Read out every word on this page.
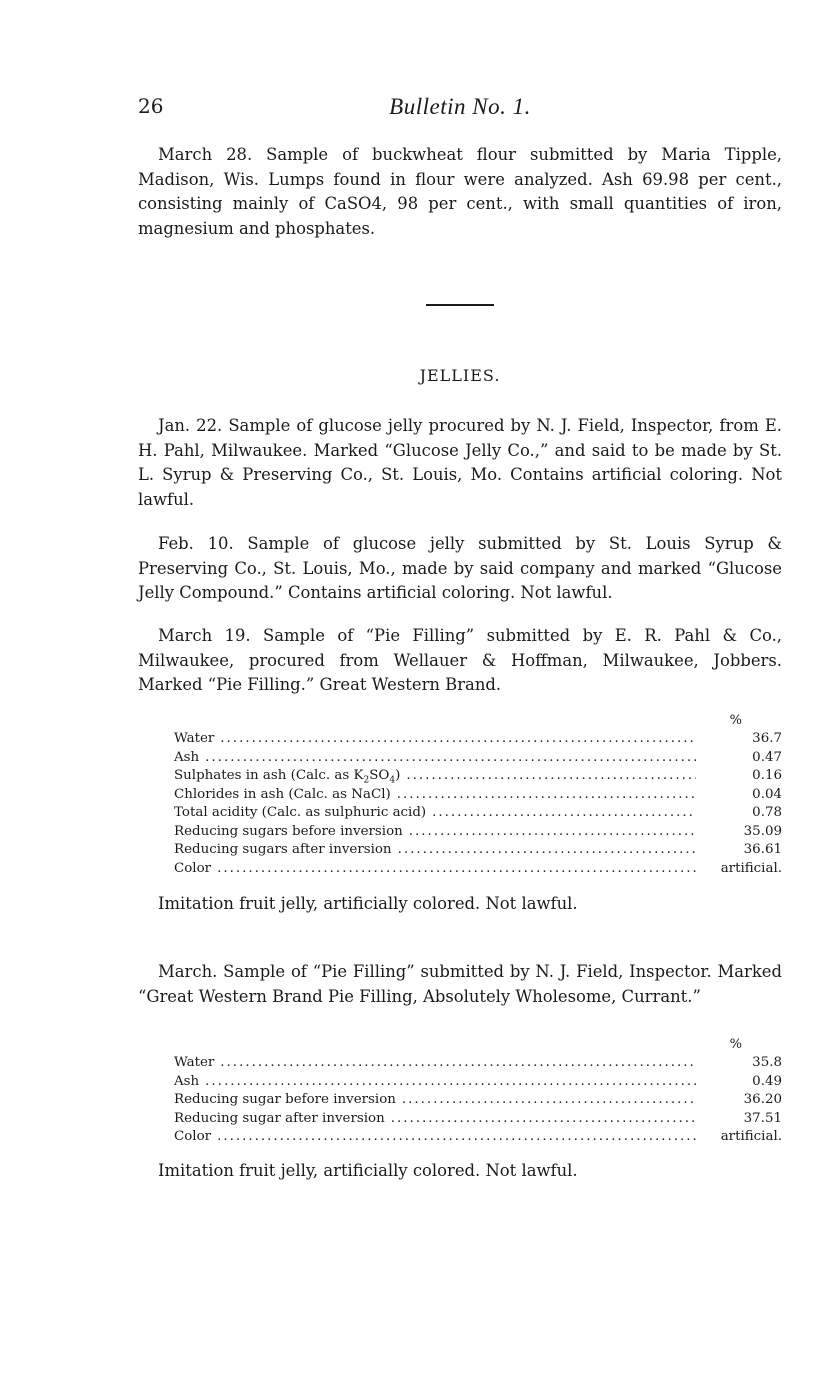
26	Bulletin No. 1.

March 28. Sample of buckwheat flour submitted by Maria Tipple, Madison, Wis. Lumps found in flour were analyzed. Ash 69.98 per cent., consisting mainly of CaSO4, 98 per cent., with small quantities of iron, magnesium and phosphates.

JELLIES.

Jan. 22. Sample of glucose jelly procured by N. J. Field, Inspector, from E. H. Pahl, Milwaukee. Marked “Glucose Jelly Co.,” and said to be made by St. L. Syrup & Preserving Co., St. Louis, Mo. Contains artificial coloring. Not lawful.

Feb. 10. Sample of glucose jelly submitted by St. Louis Syrup & Preserving Co., St. Louis, Mo., made by said company and marked “Glucose Jelly Compound.” Contains artificial coloring. Not lawful.

March 19. Sample of “Pie Filling” submitted by E. R. Pahl & Co., Milwaukee, procured from Wellauer & Hoffman, Milwaukee, Jobbers. Marked “Pie Filling.” Great Western Brand.

%
Water .....	36.7
Ash .....	0.47
Sulphates in ash (Calc. as $K_2SO_4$) .....	0.16
Chlorides in ash (Calc. as NaCl) .....	0.04
Total acidity (Calc. as sulphuric acid) .....	0.78
Reducing sugars before inversion .....	35.09
Reducing sugars after inversion .....	36.61
Color .....	artificial.

Imitation fruit jelly, artificially colored. Not lawful.

March. Sample of “Pie Filling” submitted by N. J. Field, Inspector. Marked “Great Western Brand Pie Filling, Absolutely Wholesome, Currant.”

%
Water .....	35.8
Ash .....	0.49
Reducing sugar before inversion .....	36.20
Reducing sugar after inversion .....	37.51
Color .....	artificial.

Imitation fruit jelly, artificially colored. Not lawful.
